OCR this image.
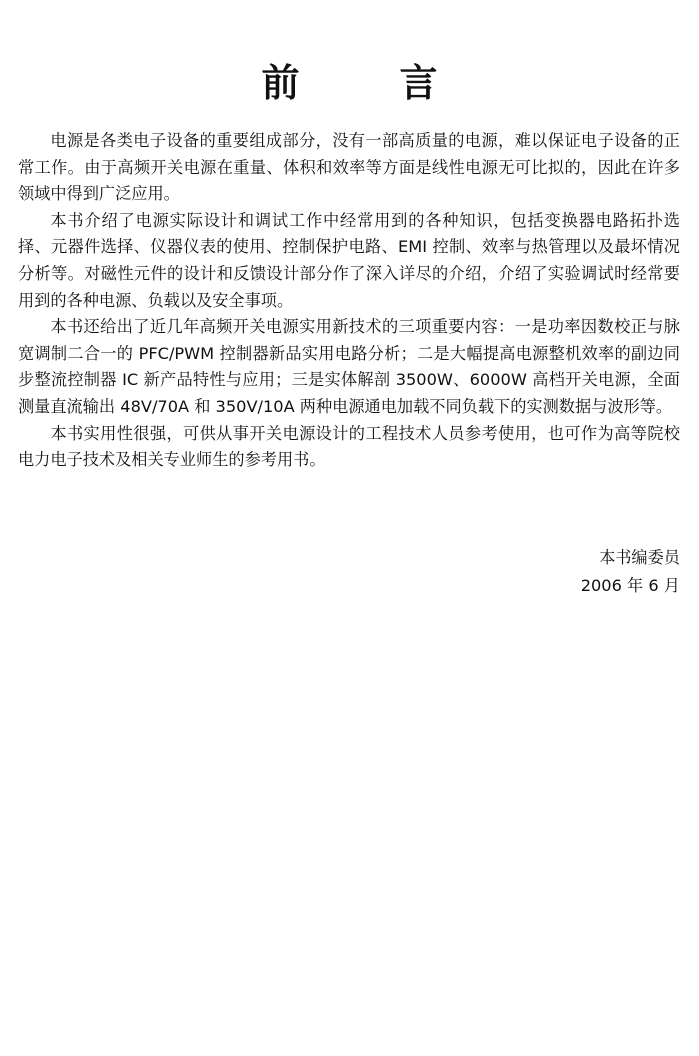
前	言

电源是各类电子设备的重要组成部分，没有一部高质量的电源，难以保证电子设备的正常工作。由于高频开关电源在重量、体积和效率等方面是线性电源无可比拟的，因此在许多领域中得到广泛应用。

本书介绍了电源实际设计和调试工作中经常用到的各种知识，包括变换器电路拓扑选择、元器件选择、仪器仪表的使用、控制保护电路、EMI 控制、效率与热管理以及最坏情况分析等。对磁性元件的设计和反馈设计部分作了深入详尽的介绍，介绍了实验调试时经常要用到的各种电源、负载以及安全事项。

本书还给出了近几年高频开关电源实用新技术的三项重要内容：一是功率因数校正与脉宽调制二合一的 PFC/PWM 控制器新品实用电路分析；二是大幅提高电源整机效率的副边同步整流控制器 IC 新产品特性与应用；三是实体解剖 3500W、6000W 高档开关电源，全面测量直流输出 48V/70A 和 350V/10A 两种电源通电加载不同负载下的实测数据与波形等。

本书实用性很强，可供从事开关电源设计的工程技术人员参考使用，也可作为高等院校电力电子技术及相关专业师生的参考用书。

本书编委员
2006 年 6 月
